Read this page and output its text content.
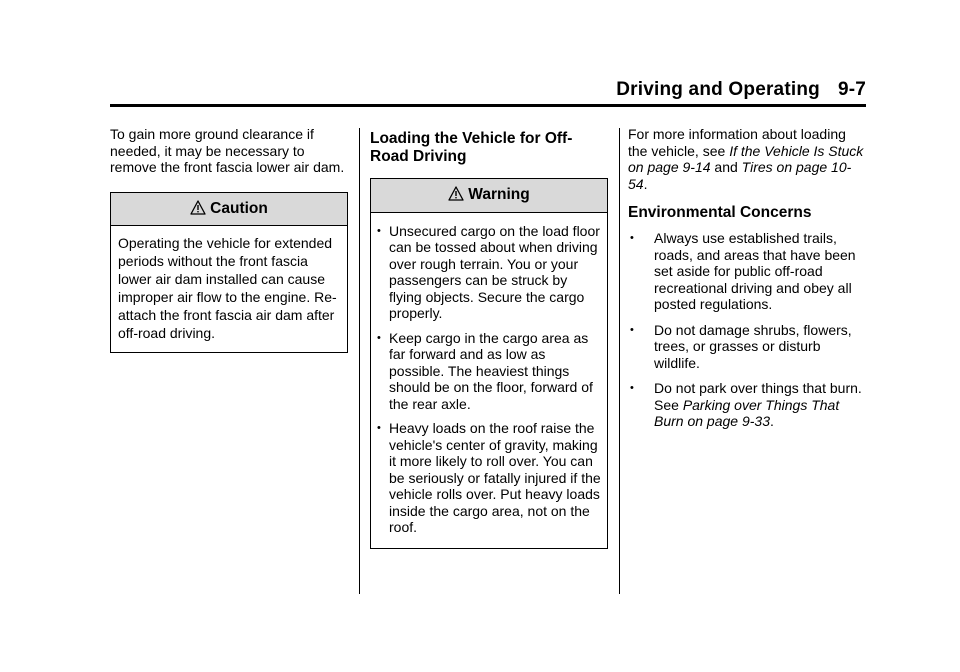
Driving and Operating 9-7

To gain more ground clearance if needed, it may be necessary to remove the front fascia lower air dam.

Caution
Operating the vehicle for extended periods without the front fascia lower air dam installed can cause improper air flow to the engine. Re-attach the front fascia air dam after off-road driving.
Loading the Vehicle for Off-Road Driving
Warning
• Unsecured cargo on the load floor can be tossed about when driving over rough terrain. You or your passengers can be struck by flying objects. Secure the cargo properly.
• Keep cargo in the cargo area as far forward and as low as possible. The heaviest things should be on the floor, forward of the rear axle.
• Heavy loads on the roof raise the vehicle's center of gravity, making it more likely to roll over. You can be seriously or fatally injured if the vehicle rolls over. Put heavy loads inside the cargo area, not on the roof.

For more information about loading the vehicle, see If the Vehicle Is Stuck on page 9-14 and Tires on page 10-54.

Environmental Concerns
• Always use established trails, roads, and areas that have been set aside for public off-road recreational driving and obey all posted regulations.
• Do not damage shrubs, flowers, trees, or grasses or disturb wildlife.
• Do not park over things that burn. See Parking over Things That Burn on page 9-33.
